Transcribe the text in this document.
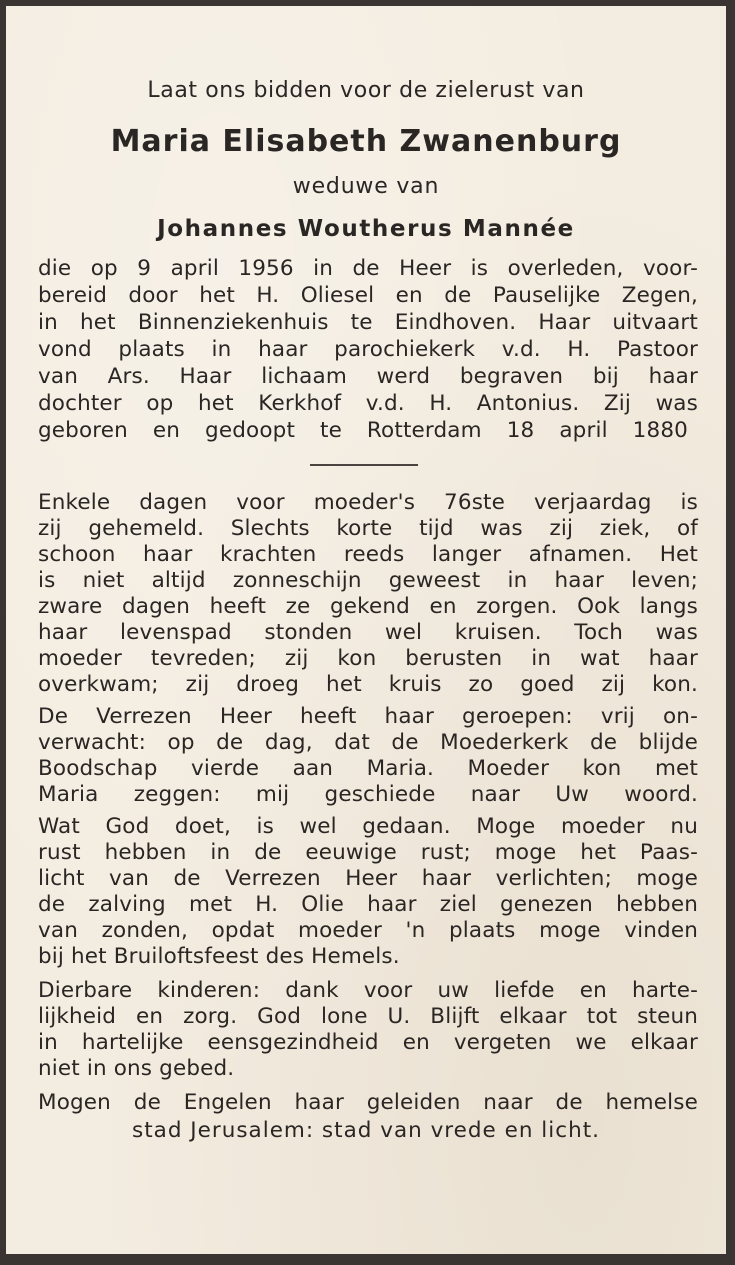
Laat ons bidden voor de zielerust van
Maria Elisabeth Zwanenburg
weduwe van
Johannes Woutherus Mannée
die op 9 april 1956 in de Heer is overleden, voor-
bereid door het H. Oliesel en de Pauselijke Zegen,
in het Binnenziekenhuis te Eindhoven. Haar uitvaart
vond plaats in haar parochiekerk v.d. H. Pastoor
van Ars. Haar lichaam werd begraven bij haar
dochter op het Kerkhof v.d. H. Antonius. Zij was
geboren en gedoopt te Rotterdam 18 april 1880
Enkele dagen voor moeder's 76ste verjaardag is
zij gehemeld. Slechts korte tijd was zij ziek, of
schoon haar krachten reeds langer afnamen. Het
is niet altijd zonneschijn geweest in haar leven;
zware dagen heeft ze gekend en zorgen. Ook langs
haar levenspad stonden wel kruisen. Toch was
moeder tevreden; zij kon berusten in wat haar
overkwam; zij droeg het kruis zo goed zij kon.
De Verrezen Heer heeft haar geroepen: vrij on-
verwacht: op de dag, dat de Moederkerk de blijde
Boodschap vierde aan Maria. Moeder kon met
Maria zeggen: mij geschiede naar Uw woord.
Wat God doet, is wel gedaan. Moge moeder nu
rust hebben in de eeuwige rust; moge het Paas-
licht van de Verrezen Heer haar verlichten; moge
de zalving met H. Olie haar ziel genezen hebben
van zonden, opdat moeder 'n plaats moge vinden
bij het Bruiloftsfeest des Hemels.
Dierbare kinderen: dank voor uw liefde en harte-
lijkheid en zorg. God lone U. Blijft elkaar tot steun
in hartelijke eensgezindheid en vergeten we elkaar
niet in ons gebed.
Mogen de Engelen haar geleiden naar de hemelse
stad Jerusalem: stad van vrede en licht.
